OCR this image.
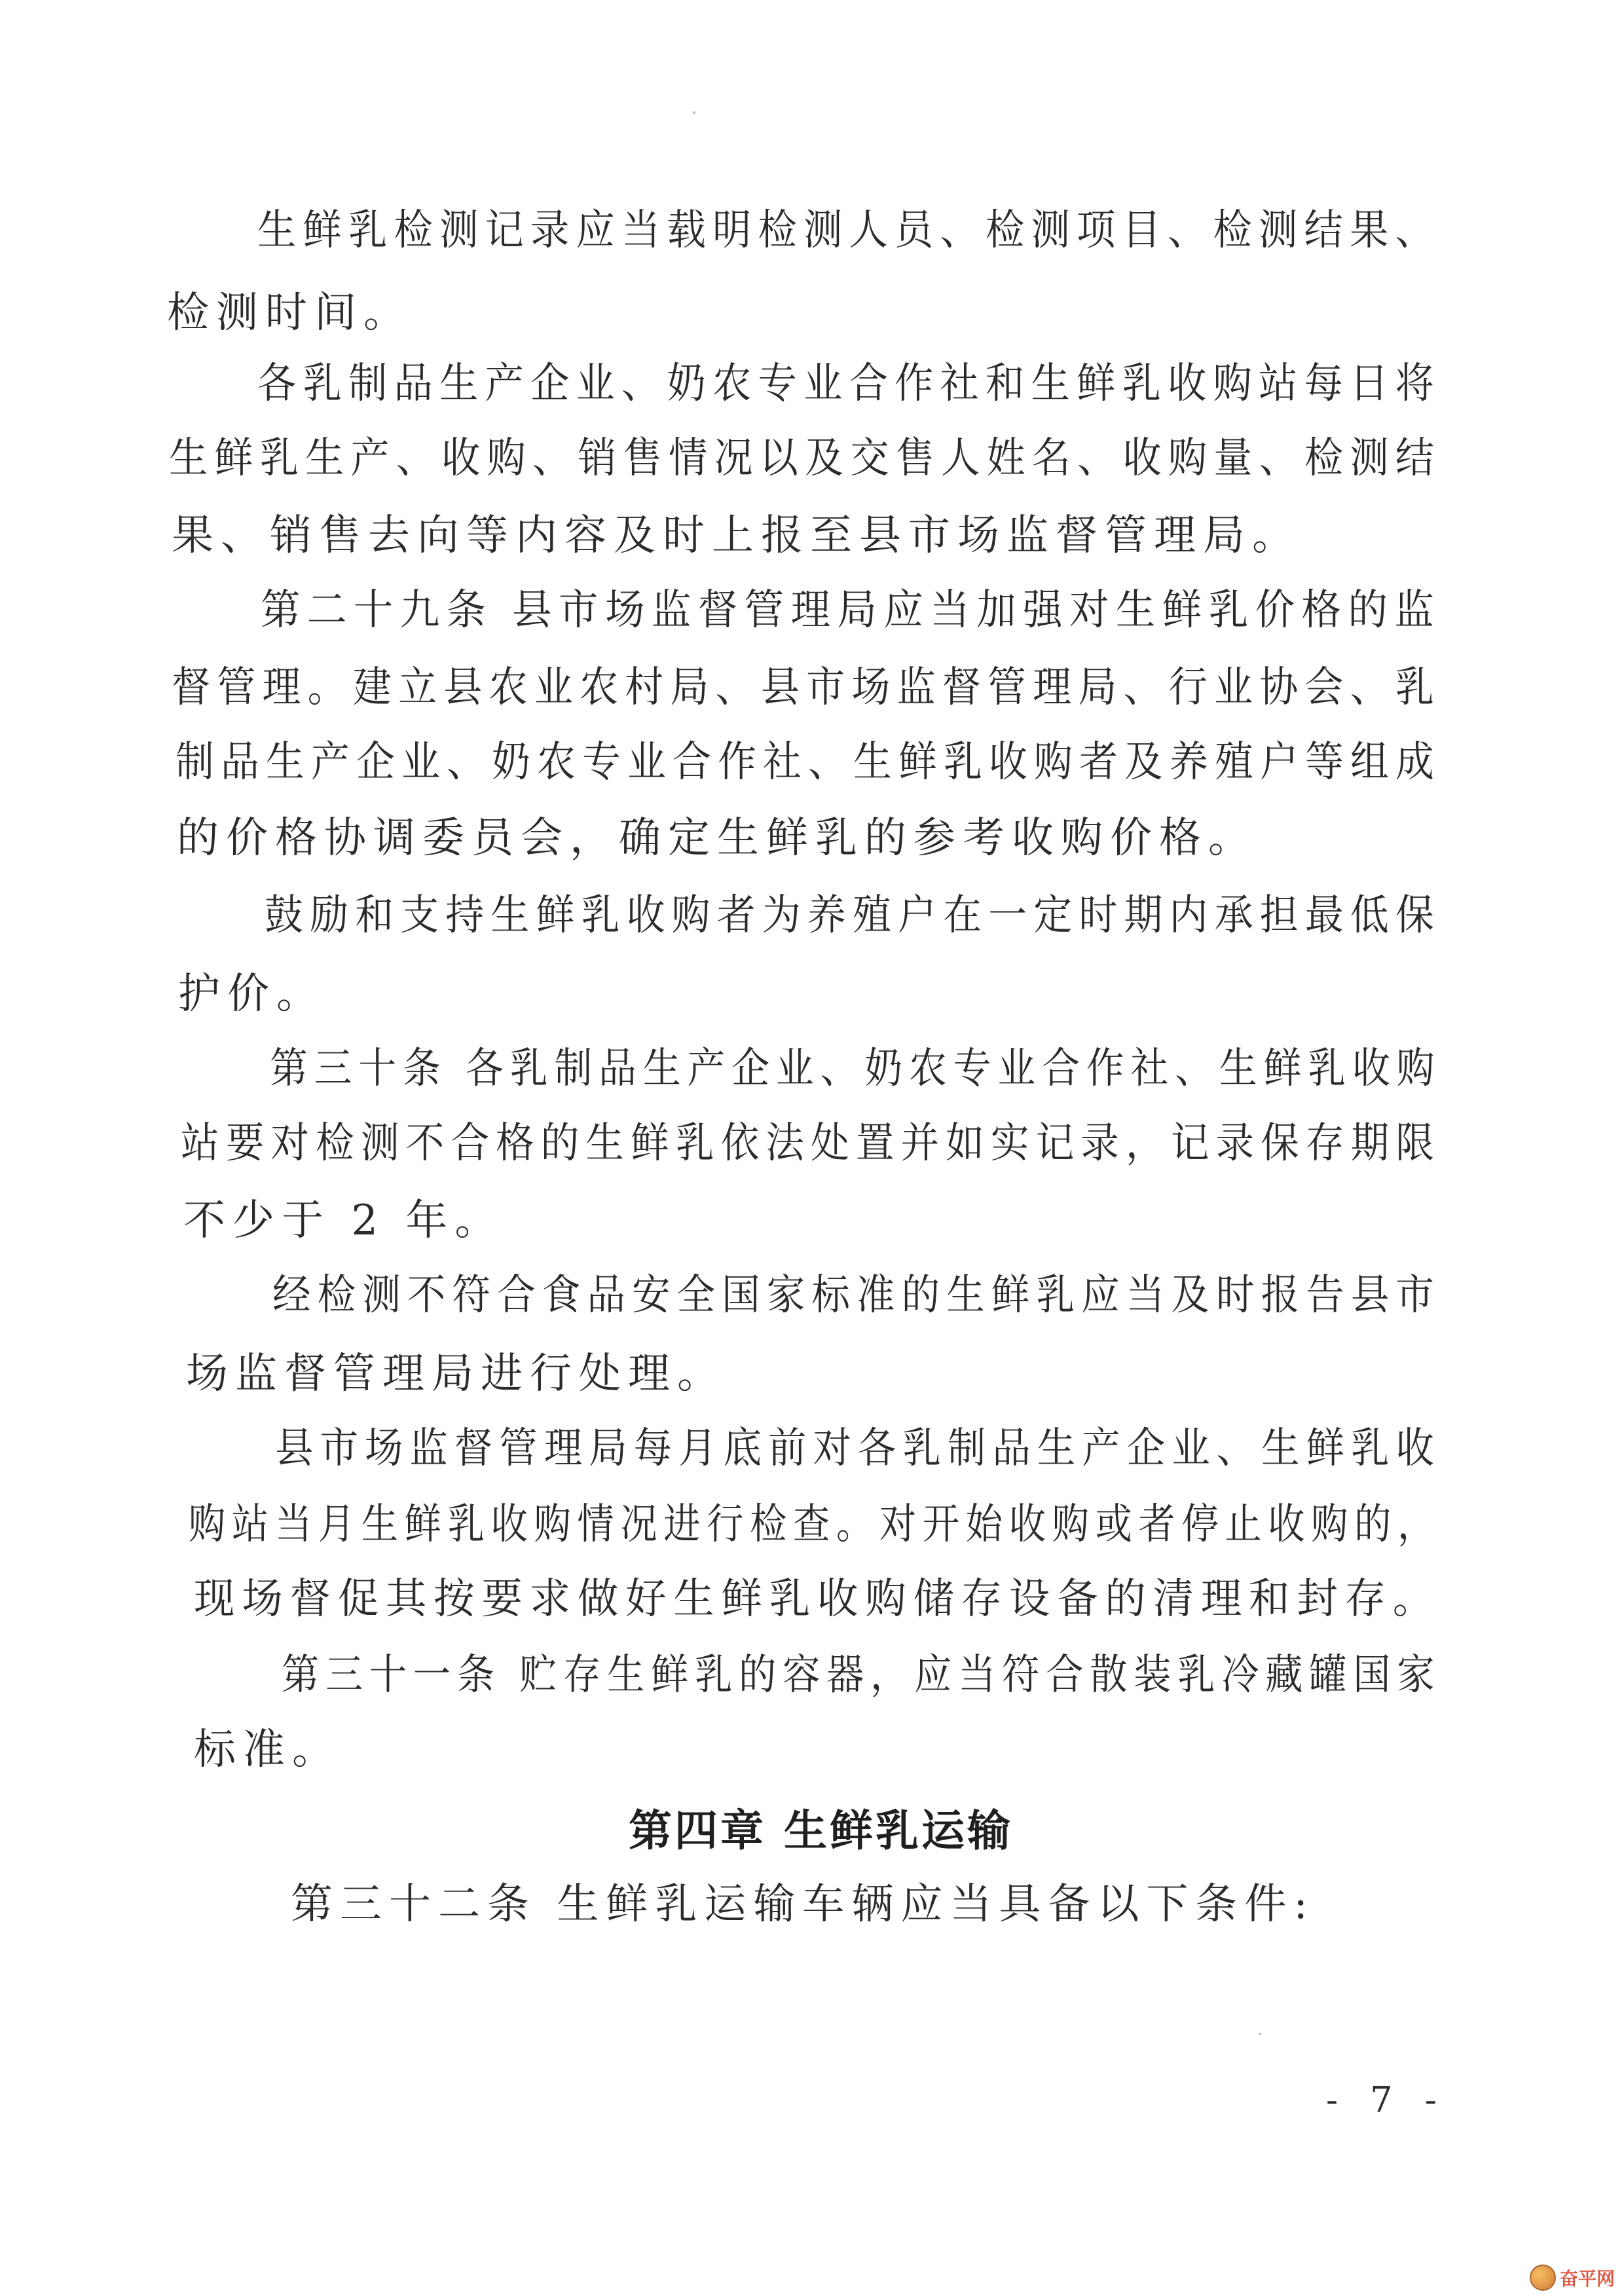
生鲜乳检测记录应当载明检测人员、检测项目、检测结果、
检测时间。
各乳制品生产企业、奶农专业合作社和生鲜乳收购站每日将
生鲜乳生产、收购、销售情况以及交售人姓名、收购量、检测结
果、销售去向等内容及时上报至县市场监督管理局。
第二十九条 县市场监督管理局应当加强对生鲜乳价格的监
督管理。建立县农业农村局、县市场监督管理局、行业协会、乳
制品生产企业、奶农专业合作社、生鲜乳收购者及养殖户等组成
的价格协调委员会，确定生鲜乳的参考收购价格。
鼓励和支持生鲜乳收购者为养殖户在一定时期内承担最低保
护价。
第三十条 各乳制品生产企业、奶农专业合作社、生鲜乳收购
站要对检测不合格的生鲜乳依法处置并如实记录，记录保存期限
不少于 2 年。
经检测不符合食品安全国家标准的生鲜乳应当及时报告县市
场监督管理局进行处理。
县市场监督管理局每月底前对各乳制品生产企业、生鲜乳收
购站当月生鲜乳收购情况进行检查。对开始收购或者停止收购的，
现场督促其按要求做好生鲜乳收购储存设备的清理和封存。
第三十一条 贮存生鲜乳的容器，应当符合散装乳冷藏罐国家
标准。
第四章 生鲜乳运输
第三十二条 生鲜乳运输车辆应当具备以下条件:
- 7 -
奋平网
